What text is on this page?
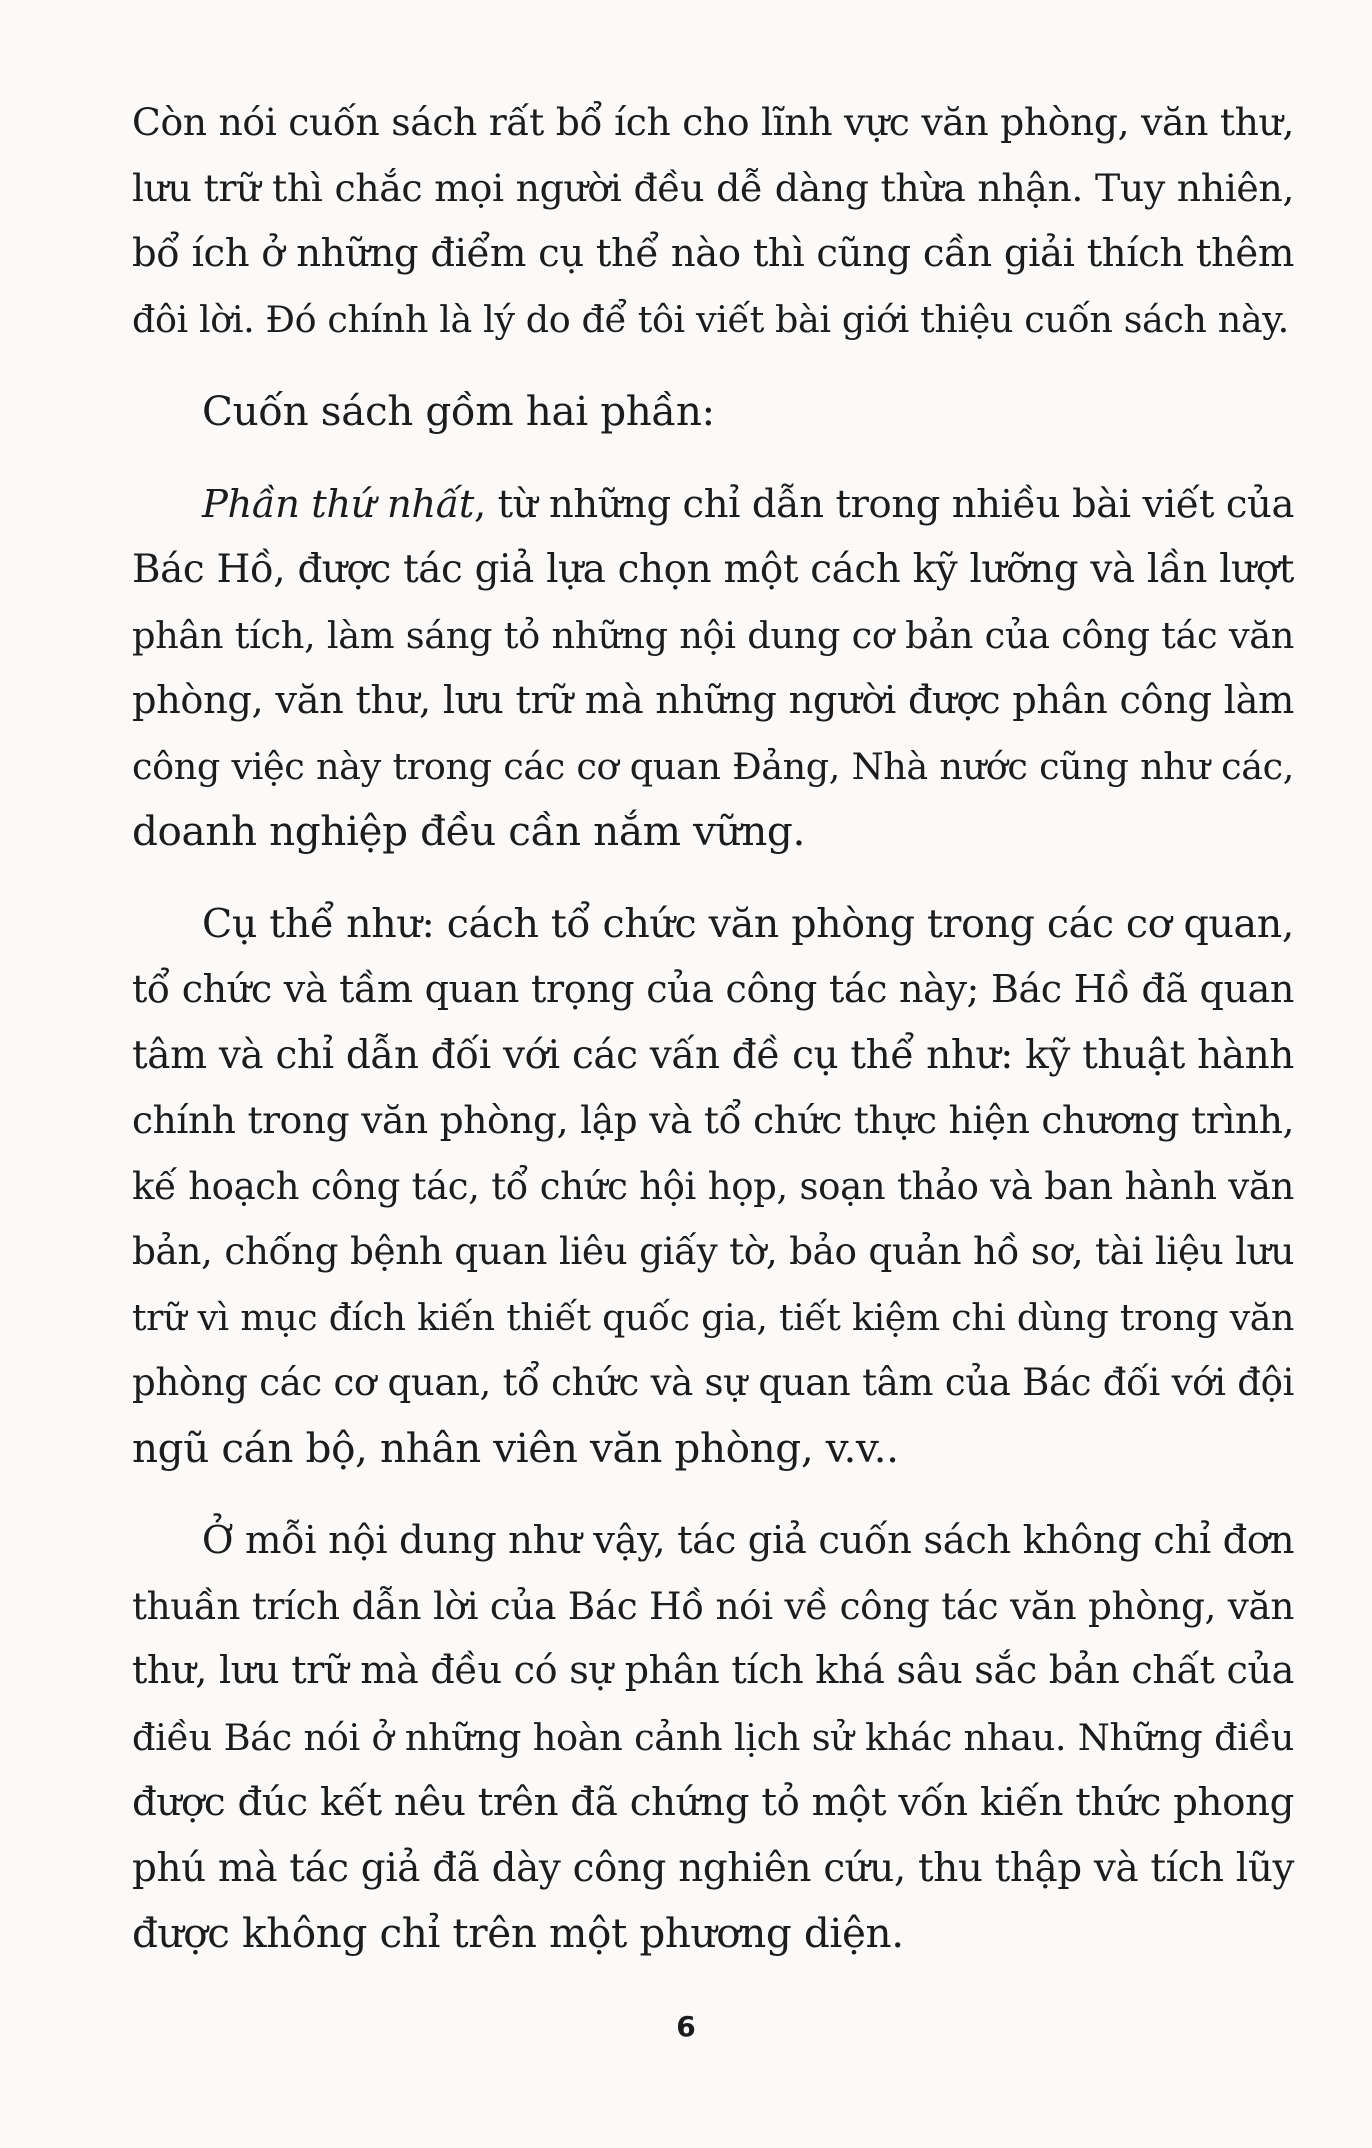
Còn nói cuốn sách rất bổ ích cho lĩnh vực văn phòng, văn thư,
lưu trữ thì chắc mọi người đều dễ dàng thừa nhận. Tuy nhiên,
bổ ích ở những điểm cụ thể nào thì cũng cần giải thích thêm
đôi lời. Đó chính là lý do để tôi viết bài giới thiệu cuốn sách này.

Cuốn sách gồm hai phần:

Phần thứ nhất, từ những chỉ dẫn trong nhiều bài viết của
Bác Hồ, được tác giả lựa chọn một cách kỹ lưỡng và lần lượt
phân tích, làm sáng tỏ những nội dung cơ bản của công tác văn
phòng, văn thư, lưu trữ mà những người được phân công làm
công việc này trong các cơ quan Đảng, Nhà nước cũng như các,
doanh nghiệp đều cần nắm vững.

Cụ thể như: cách tổ chức văn phòng trong các cơ quan,
tổ chức và tầm quan trọng của công tác này; Bác Hồ đã quan
tâm và chỉ dẫn đối với các vấn đề cụ thể như: kỹ thuật hành
chính trong văn phòng, lập và tổ chức thực hiện chương trình,
kế hoạch công tác, tổ chức hội họp, soạn thảo và ban hành văn
bản, chống bệnh quan liêu giấy tờ, bảo quản hồ sơ, tài liệu lưu
trữ vì mục đích kiến thiết quốc gia, tiết kiệm chi dùng trong văn
phòng các cơ quan, tổ chức và sự quan tâm của Bác đối với đội
ngũ cán bộ, nhân viên văn phòng, v.v..

Ở mỗi nội dung như vậy, tác giả cuốn sách không chỉ đơn
thuần trích dẫn lời của Bác Hồ nói về công tác văn phòng, văn
thư, lưu trữ mà đều có sự phân tích khá sâu sắc bản chất của
điều Bác nói ở những hoàn cảnh lịch sử khác nhau. Những điều
được đúc kết nêu trên đã chứng tỏ một vốn kiến thức phong
phú mà tác giả đã dày công nghiên cứu, thu thập và tích lũy
được không chỉ trên một phương diện.

6
